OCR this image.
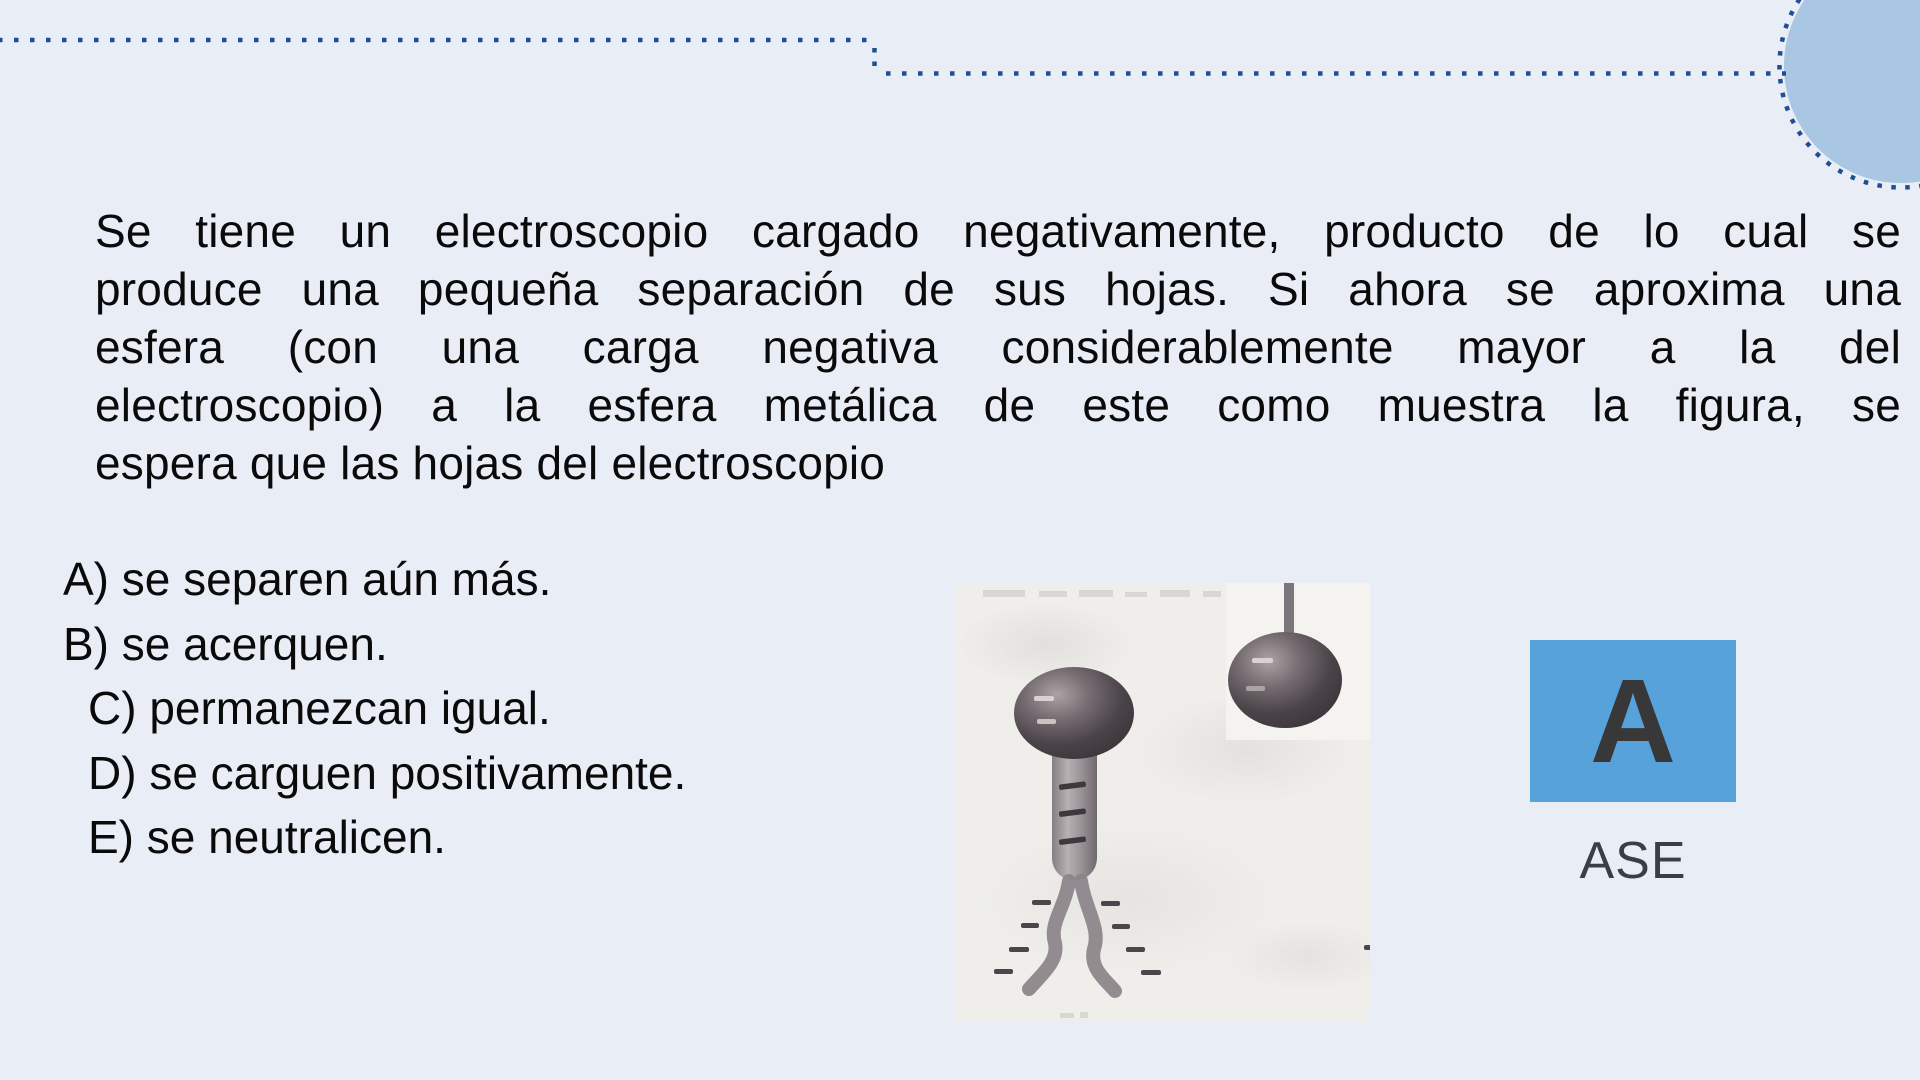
Se tiene un electroscopio cargado negativamente, producto de lo cual se
produce una pequeña separación de sus hojas. Si ahora se aproxima una
esfera (con una carga negativa considerablemente mayor a la del
electroscopio) a la esfera metálica de este como muestra la figura, se
espera que las hojas del electroscopio
A) se separen aún más.
B) se acerquen.
C) permanezcan igual.
D) se carguen positivamente.
E) se neutralicen.
A
ASE
